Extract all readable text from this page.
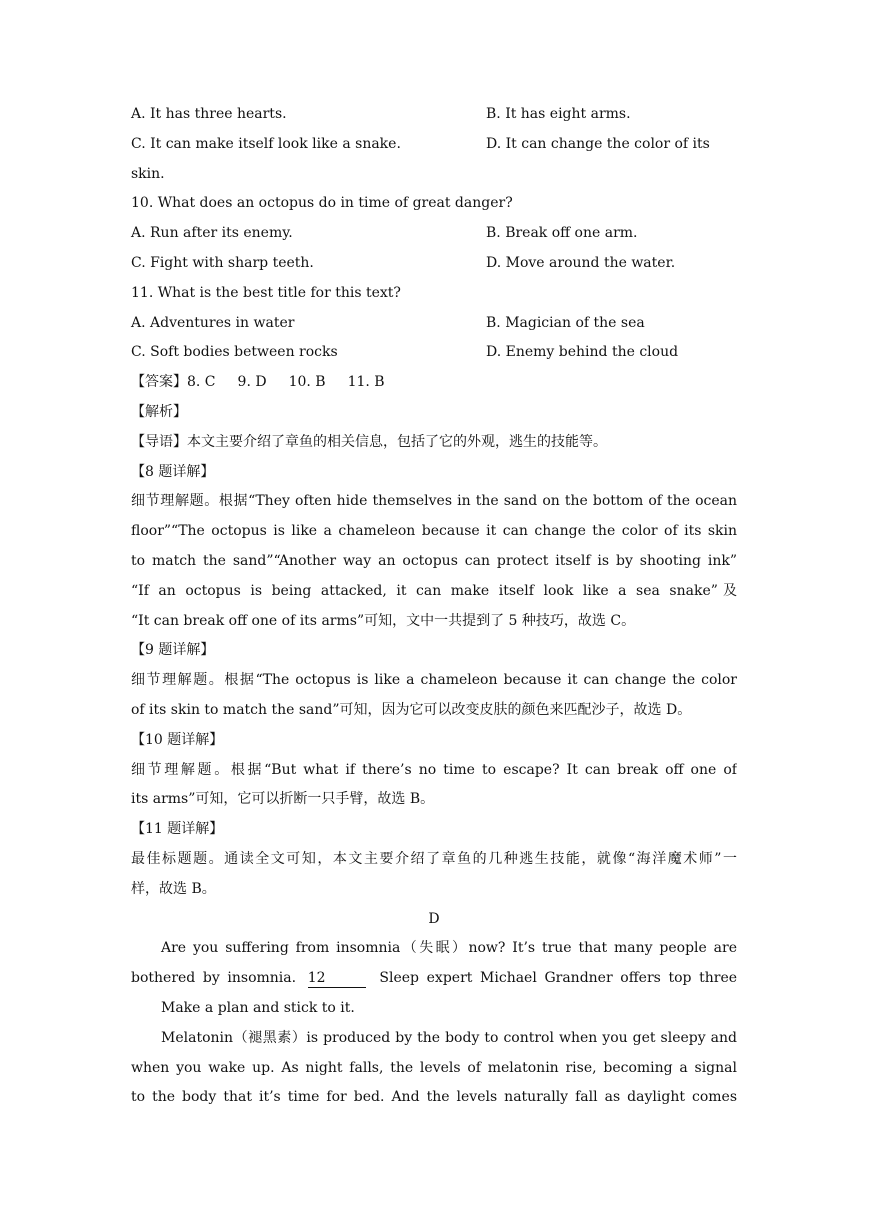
A. It has three hearts.	B. It has eight arms.
C. It can make itself look like a snake.	D. It can change the color of its
skin.
10. What does an octopus do in time of great danger?
A. Run after its enemy.	B. Break off one arm.
C. Fight with sharp teeth.	D. Move around the water.
11. What is the best title for this text?
A. Adventures in water	B. Magician of the sea
C. Soft bodies between rocks	D. Enemy behind the cloud
【答案】8. C 9. D 10. B 11. B
【解析】
【导语】本文主要介绍了章鱼的相关信息，包括了它的外观，逃生的技能等。
【8 题详解】
细节理解题。根据“They often hide themselves in the sand on the bottom of the ocean
floor”“The octopus is like a chameleon because it can change the color of its skin
to match the sand”“Another way an octopus can protect itself is by shooting ink”
“If an octopus is being attacked, it can make itself look like a sea snake”及
“It can break off one of its arms”可知，文中一共提到了 5 种技巧，故选 C。
【9 题详解】
细节理解题。根据“The octopus is like a chameleon because it can change the color
of its skin to match the sand”可知，因为它可以改变皮肤的颜色来匹配沙子，故选 D。
【10 题详解】
细节理解题。根据“But what if there’s no time to escape? It can break off one of
its arms”可知，它可以折断一只手臂，故选 B。
【11 题详解】
最佳标题题。通读全文可知，本文主要介绍了章鱼的几种逃生技能，就像“海洋魔术师”一
样，故选 B。
D
Are you suffering from insomnia（失眠）now? It’s true that many people are
bothered by insomnia. 12	Sleep expert Michael Grandner offers top three
Make a plan and stick to it.
Melatonin（褪黑素）is produced by the body to control when you get sleepy and
when you wake up. As night falls, the levels of melatonin rise, becoming a signal
to the body that it’s time for bed. And the levels naturally fall as daylight comes
